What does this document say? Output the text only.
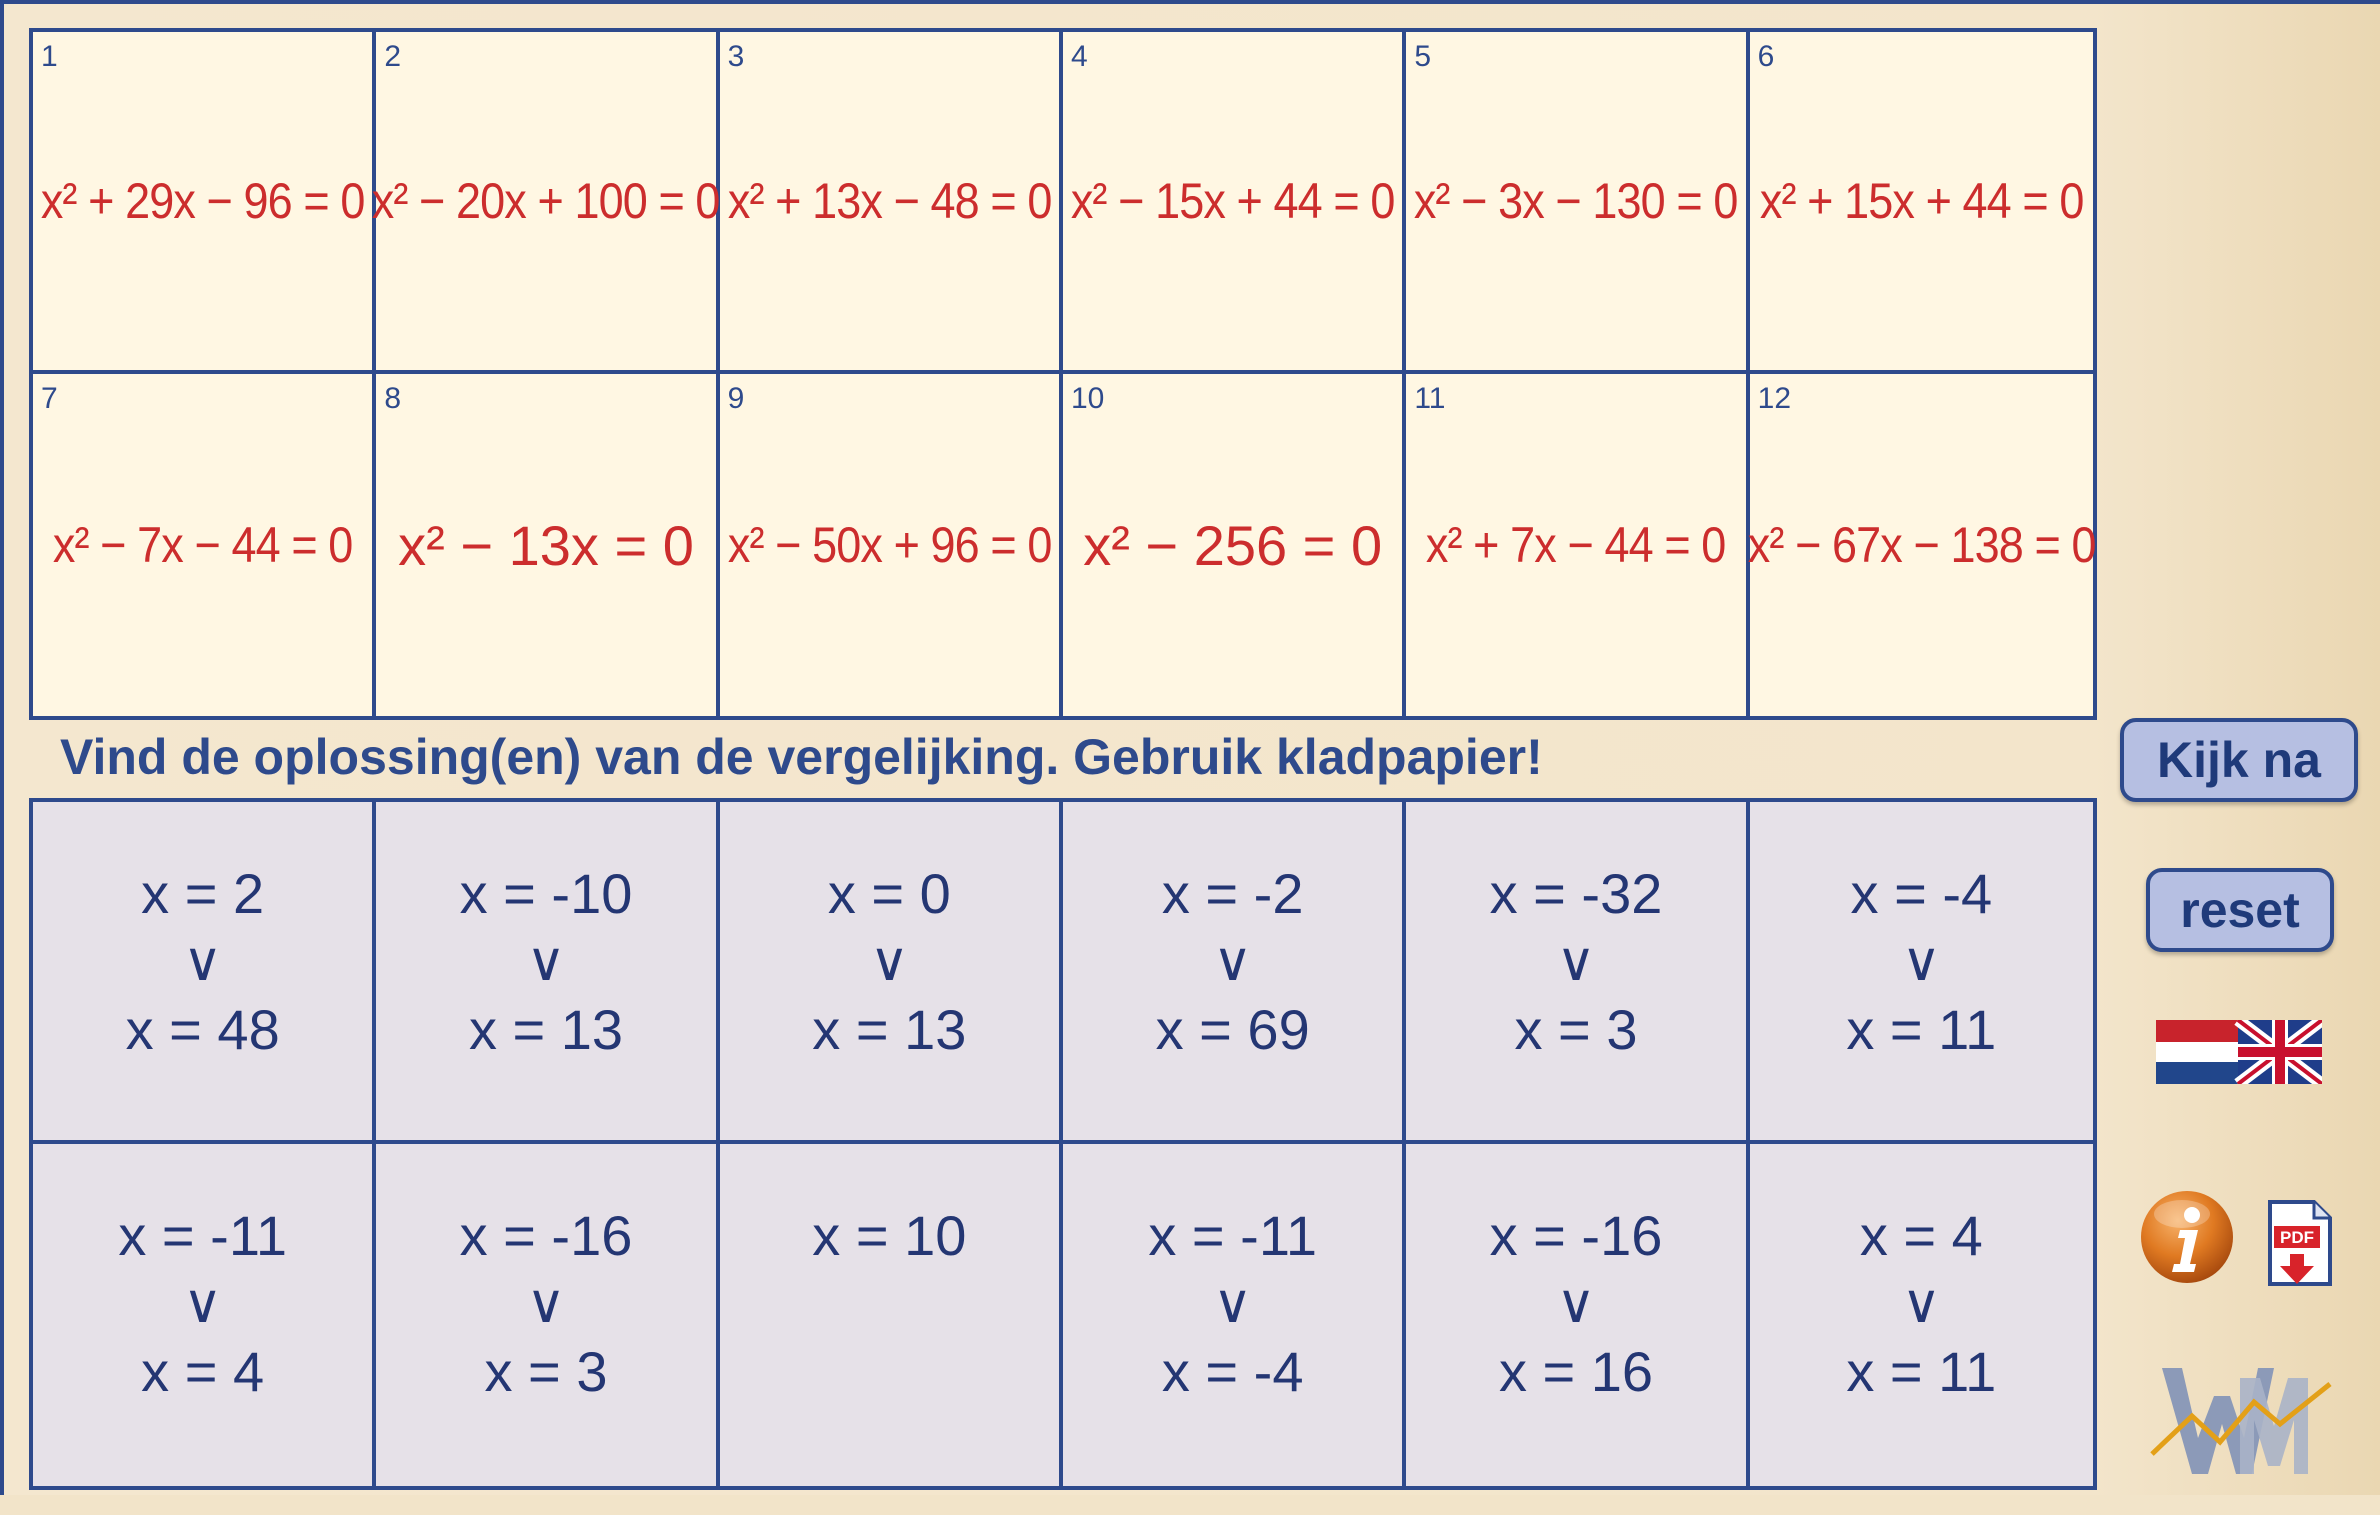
1
x² + 29x − 96 = 0
2
x² − 20x + 100 = 0
3
x² + 13x − 48 = 0
4
x² − 15x + 44 = 0
5
x² − 3x − 130 = 0
6
x² + 15x + 44 = 0
7
x² − 7x − 44 = 0
8
x² − 13x = 0
9
x² − 50x + 96 = 0
10
x² − 256 = 0
11
x² + 7x − 44 = 0
12
x² − 67x − 138 = 0
Vind de oplossing(en) van de vergelijking. Gebruik kladpapier!
x = 2
∨
x = 48
x = -10
∨
x = 13
x = 0
∨
x = 13
x = -2
∨
x = 69
x = -32
∨
x = 3
x = -4
∨
x = 11
x = -11
∨
x = 4
x = -16
∨
x = 3
x = 10	x = -11
∨
x = -4
x = -16
∨
x = 16
x = 4
∨
x = 11
Kijk na
reset
PDF
